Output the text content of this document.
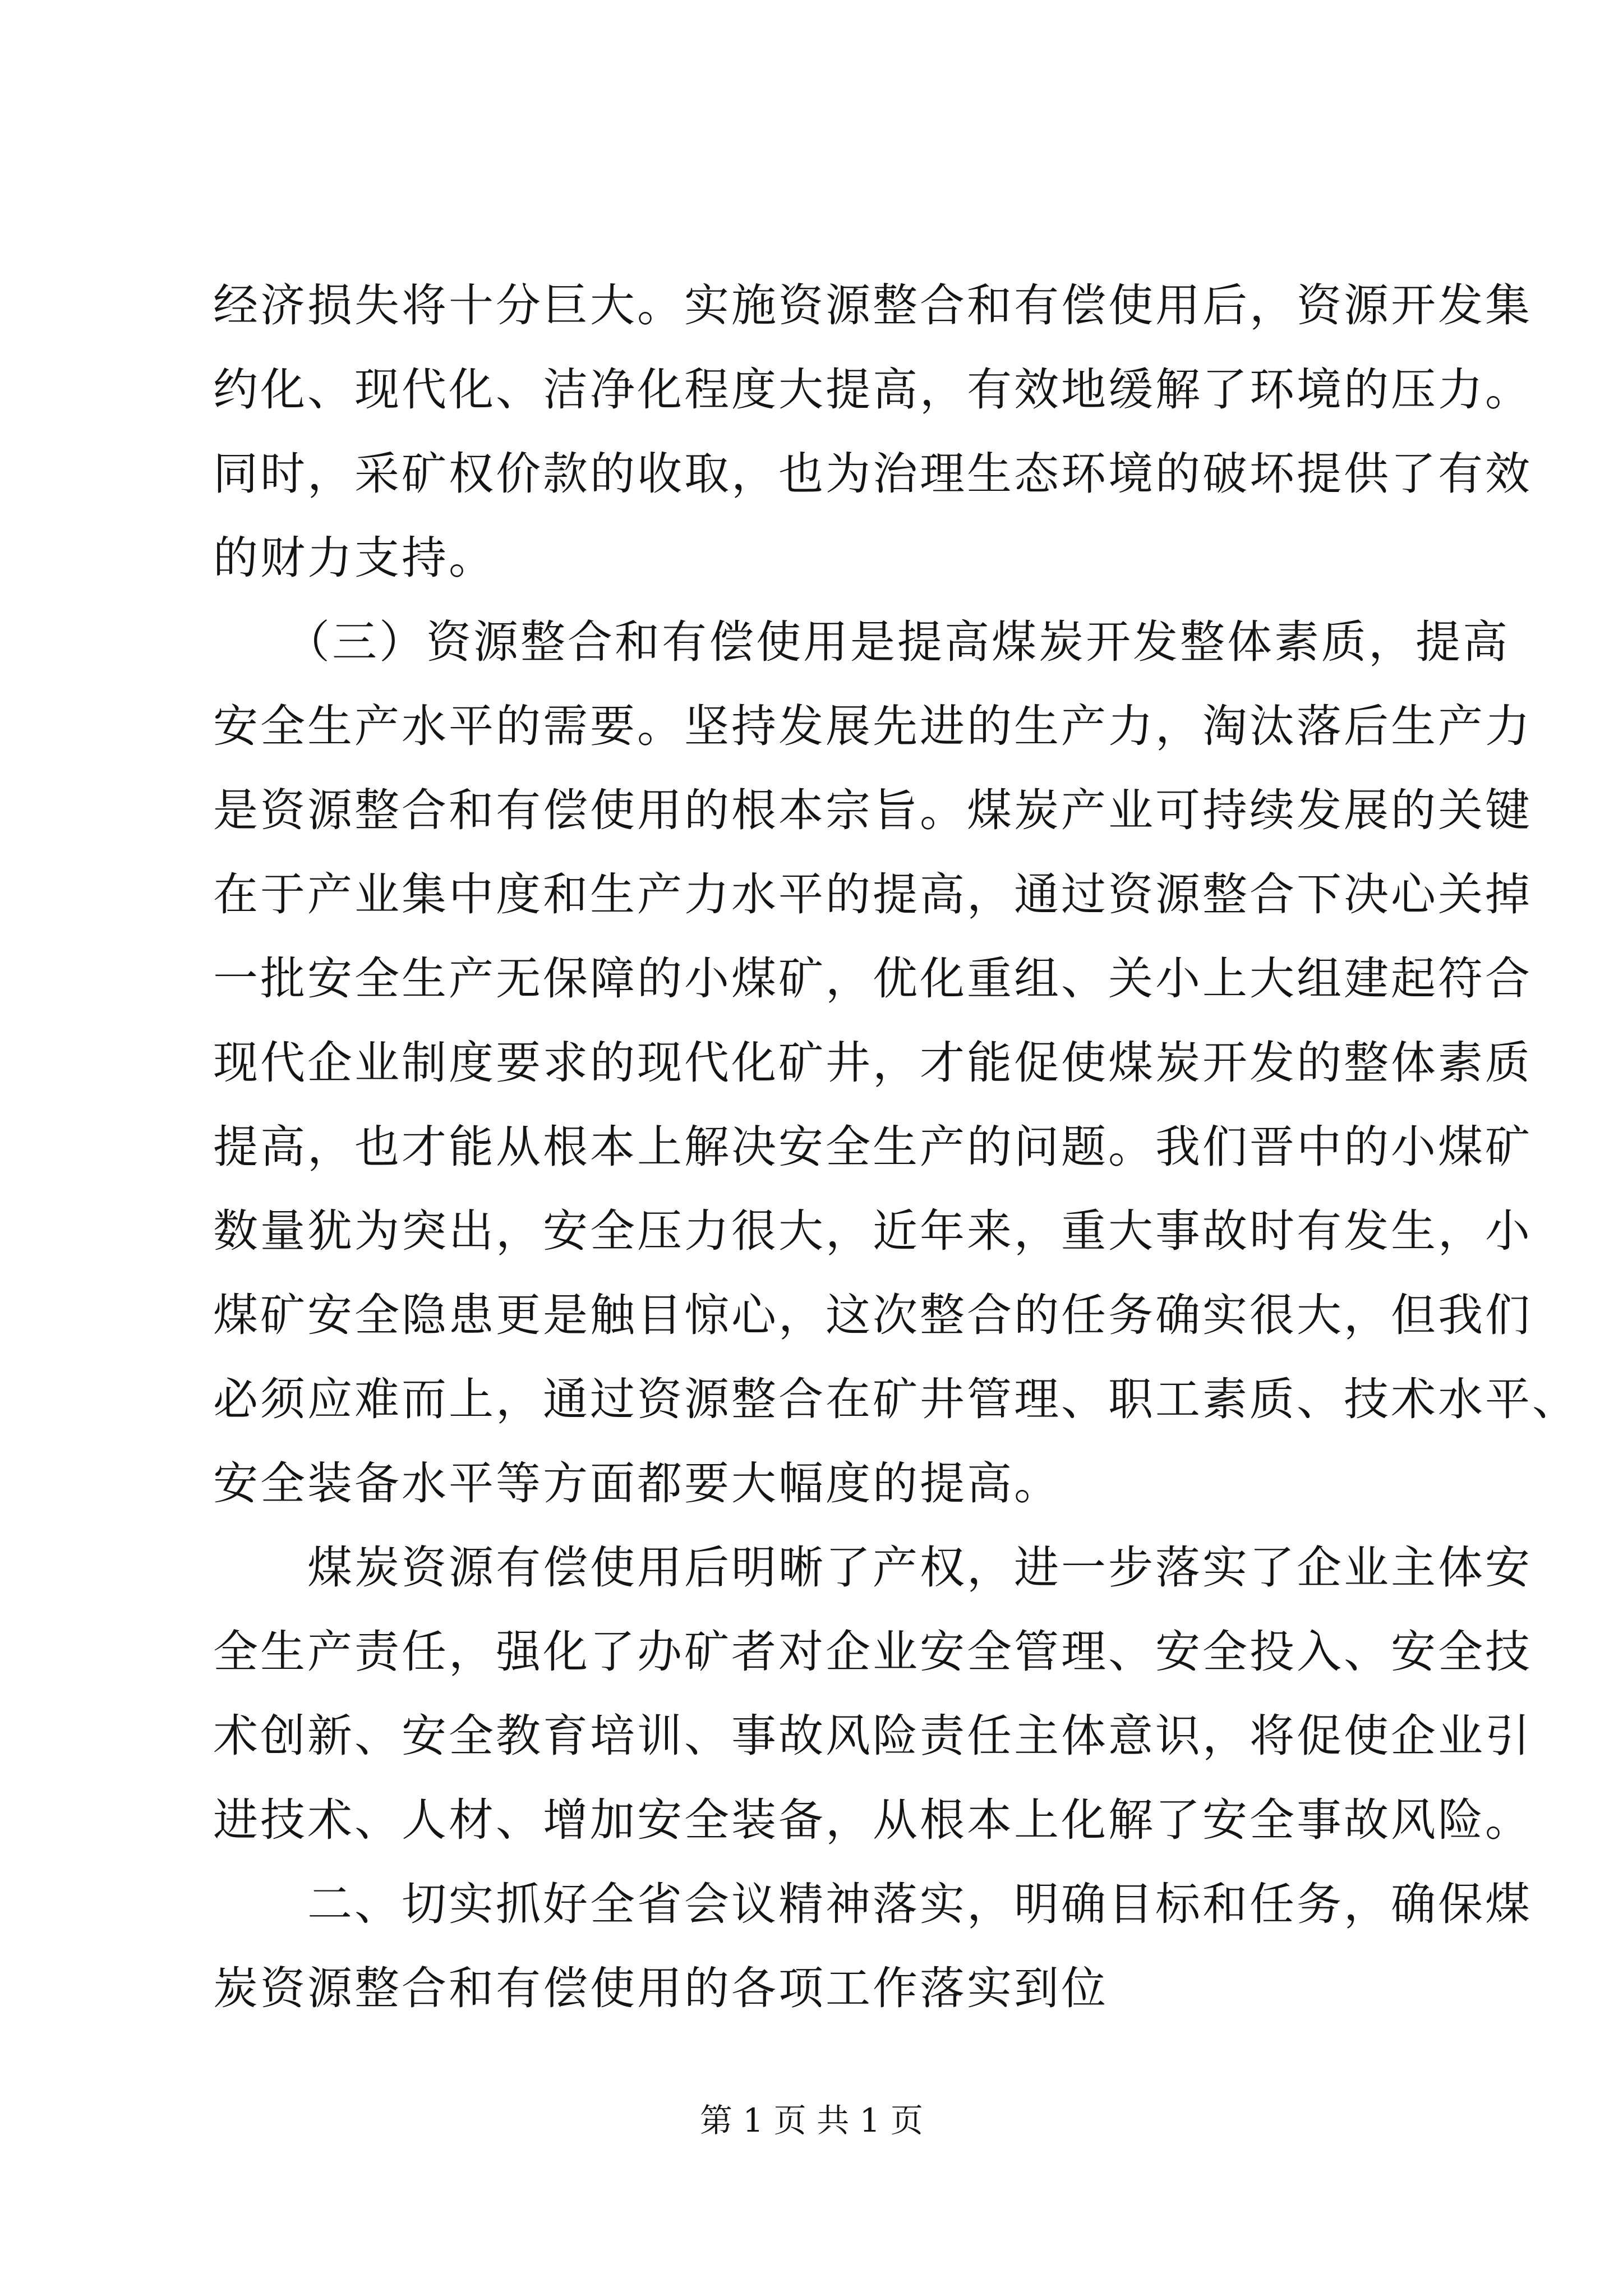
经济损失将十分巨大。实施资源整合和有偿使用后，资源开发集
约化、现代化、洁净化程度大提高，有效地缓解了环境的压力。
同时，采矿权价款的收取，也为治理生态环境的破坏提供了有效
的财力支持。
　　（三）资源整合和有偿使用是提高煤炭开发整体素质，提高
安全生产水平的需要。坚持发展先进的生产力，淘汰落后生产力
是资源整合和有偿使用的根本宗旨。煤炭产业可持续发展的关键
在于产业集中度和生产力水平的提高，通过资源整合下决心关掉
一批安全生产无保障的小煤矿，优化重组、关小上大组建起符合
现代企业制度要求的现代化矿井，才能促使煤炭开发的整体素质
提高，也才能从根本上解决安全生产的问题。我们晋中的小煤矿
数量犹为突出，安全压力很大，近年来，重大事故时有发生，小
煤矿安全隐患更是触目惊心，这次整合的任务确实很大，但我们
必须应难而上，通过资源整合在矿井管理、职工素质、技术水平、
安全装备水平等方面都要大幅度的提高。
　　煤炭资源有偿使用后明晰了产权，进一步落实了企业主体安
全生产责任，强化了办矿者对企业安全管理、安全投入、安全技
术创新、安全教育培训、事故风险责任主体意识，将促使企业引
进技术、人材、增加安全装备，从根本上化解了安全事故风险。
　　二、切实抓好全省会议精神落实，明确目标和任务，确保煤
炭资源整合和有偿使用的各项工作落实到位
第 1 页 共 1 页
